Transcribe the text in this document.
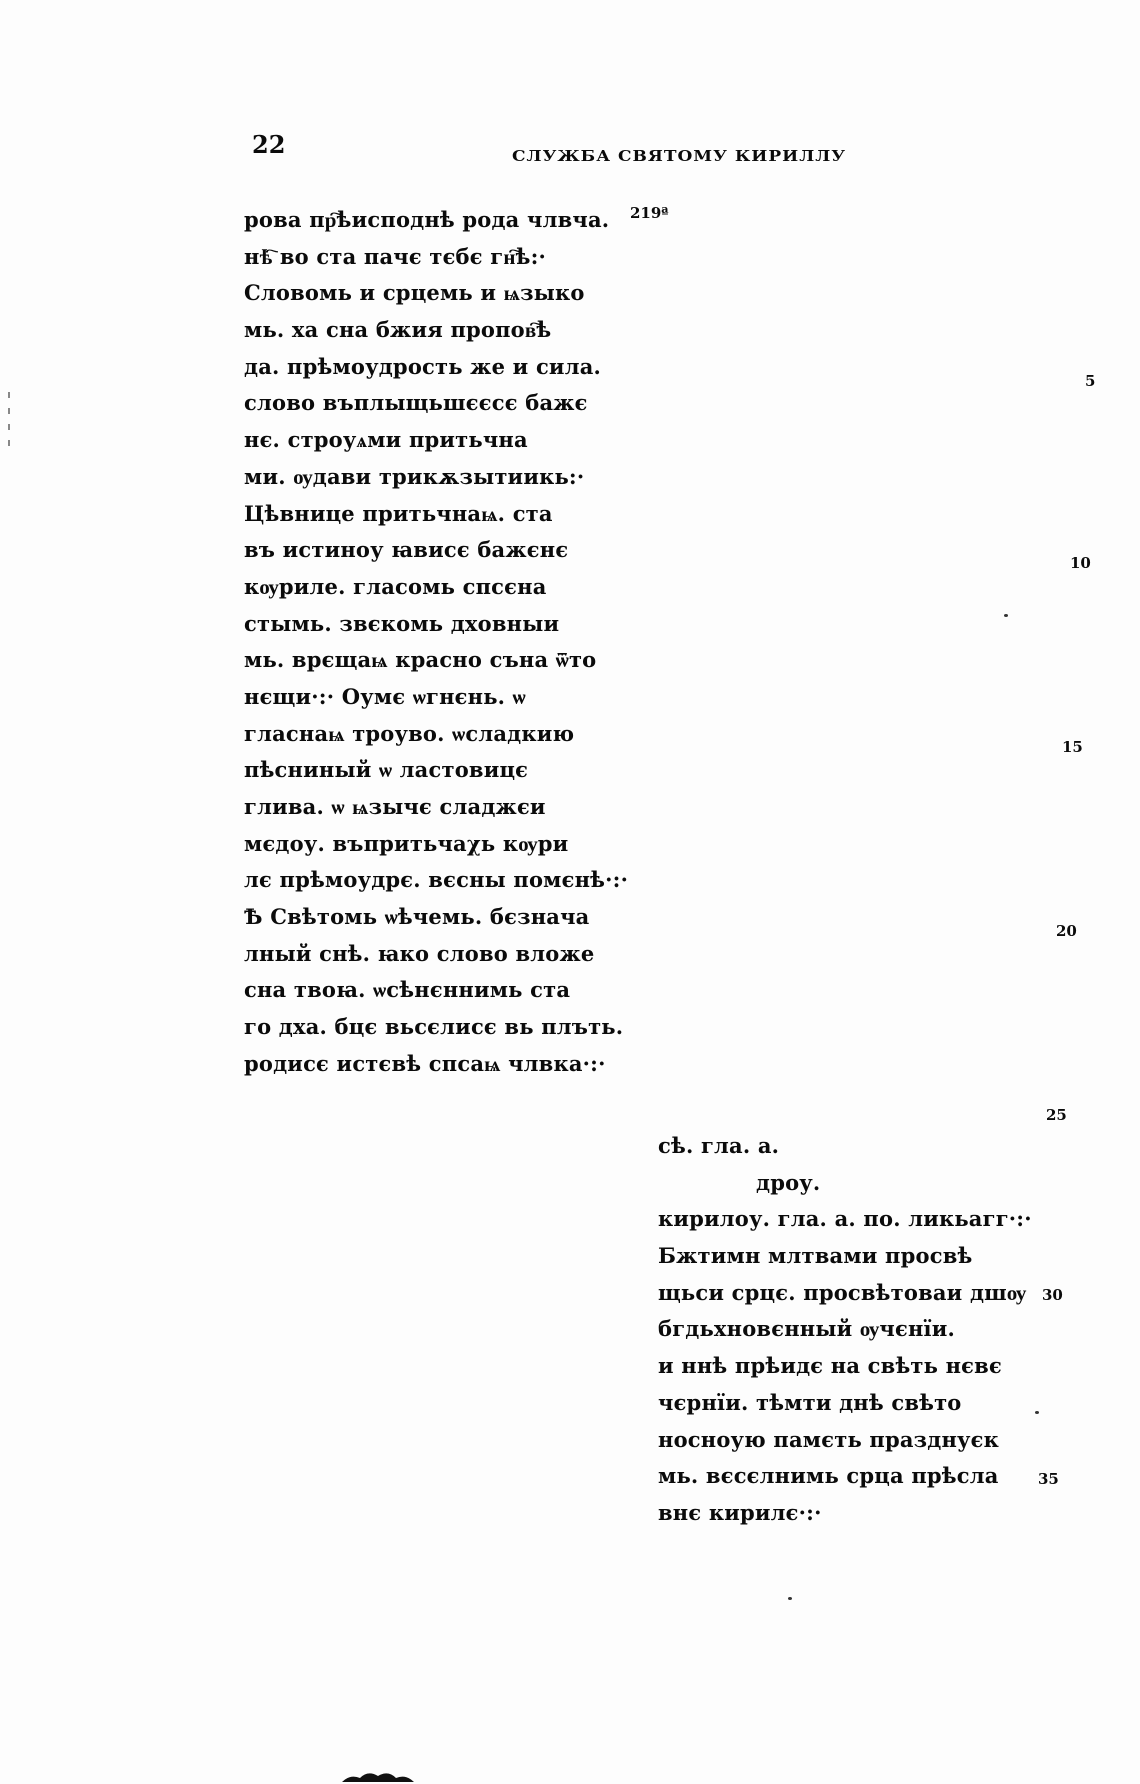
22	СЛУЖБА СВЯТОМУ КИРИЛЛУ
219ª
рова пр҇ѣисподнѣ рода члвча.
нѣ҇ во ста пачє тєбє гн҇ѣ:·
Словомь и срцемь и ѩзыко
мь. ха сна бжия пропов҇ѣ
да. прѣмоудрость же и сила.
слово въплыщьшєєсє бажє
нє. строуѧми притьчна
ми. ѹдави трикѫзытиикь:·
Цѣвнице притьчнаѩ. ста
въ истиноу ꙗвисє бажєнє
кѹриле. гласомь спсєна
стымь. звєкомь дховныи
мь. врєщаѩ красно съна ѿто
нєщи·:· Оумє ѡгнєнь. ѡ
гласнаѩ троуво. ѡсладкию
пѣсниный ѡ ластовицє
глива. ѡ ѩзычє сладжєи
мєдоу. въпритьчаχь кѹри
лє прѣмоудрє. вєсны помєнѣ·:·
Ѣ Свѣтомь ѡѣчемь. бєзнача
лный снѣ. ꙗко слово вложе
сна твоꙗ. ѡсѣнєннимь ста
го дха. бцє вьсєлисє вь плъть.
родисє истєвѣ спсаѩ члвка·:·
сѣ. гла. а.
дроу.
кирилоу. гла. а. по. ликьагг·:·
Бжтимн млтвами просвѣ
щьси срцє. просвѣтоваи дшѹ
бгдьхновєнный ѹчєнїи.
и ннѣ прѣидє на свѣть нєвє
чєрнїи. тѣмти днѣ свѣто
носноую памєть празднуєк
мь. вєсєлнимь срца прѣсла
внє кирилє·:·
5
10
15
20
25
30
35
